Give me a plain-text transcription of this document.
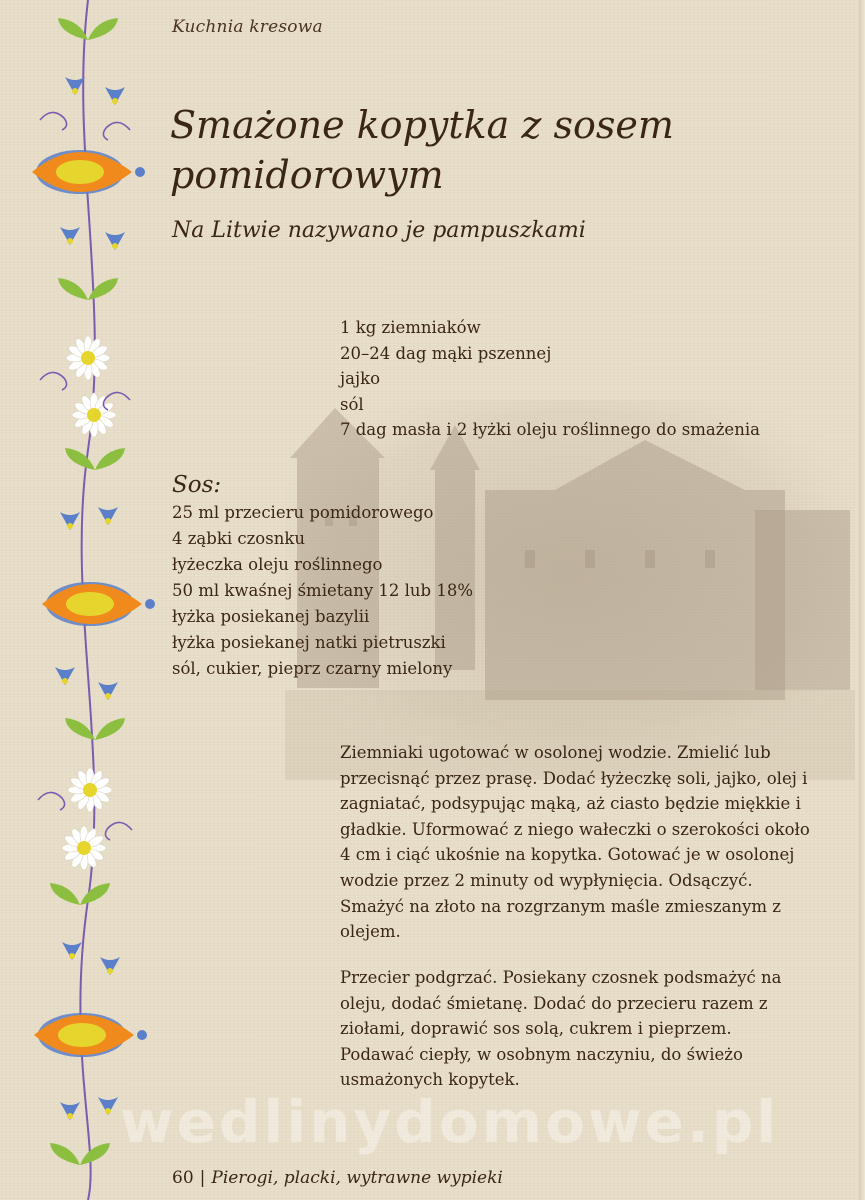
Kuchnia kresowa
Smażone kopytka z sosem pomidorowym
Na Litwie nazywano je pampuszkami
1 kg ziemniaków
20–24 dag mąki pszennej
jajko
sól
7 dag masła i 2 łyżki oleju roślinnego do smażenia
Sos:
25 ml przecieru pomidorowego
4 ząbki czosnku
łyżeczka oleju roślinnego
50 ml kwaśnej śmietany 12 lub 18%
łyżka posiekanej bazylii
łyżka posiekanej natki pietruszki
sól, cukier, pieprz czarny mielony

Ziemniaki ugotować w osolonej wodzie. Zmielić lub przecisnąć przez prasę. Dodać łyżeczkę soli, jajko, olej i zagniatać, podsypując mąką, aż ciasto będzie miękkie i gładkie. Uformować z niego wałeczki o szerokości około 4 cm i ciąć ukośnie na kopytka. Gotować je w osolonej wodzie przez 2 minuty od wypłynięcia. Odsączyć. Smażyć na złoto na rozgrzanym maśle zmieszanym z olejem.

Przecier podgrzać. Posiekany czosnek podsmażyć na oleju, dodać śmietanę. Dodać do przecieru razem z ziołami, doprawić sos solą, cukrem i pieprzem. Podawać ciepły, w osobnym naczyniu, do świeżo usmażonych kopytek.

wedlinydomowe.pl
60 | Pierogi, placki, wytrawne wypieki
